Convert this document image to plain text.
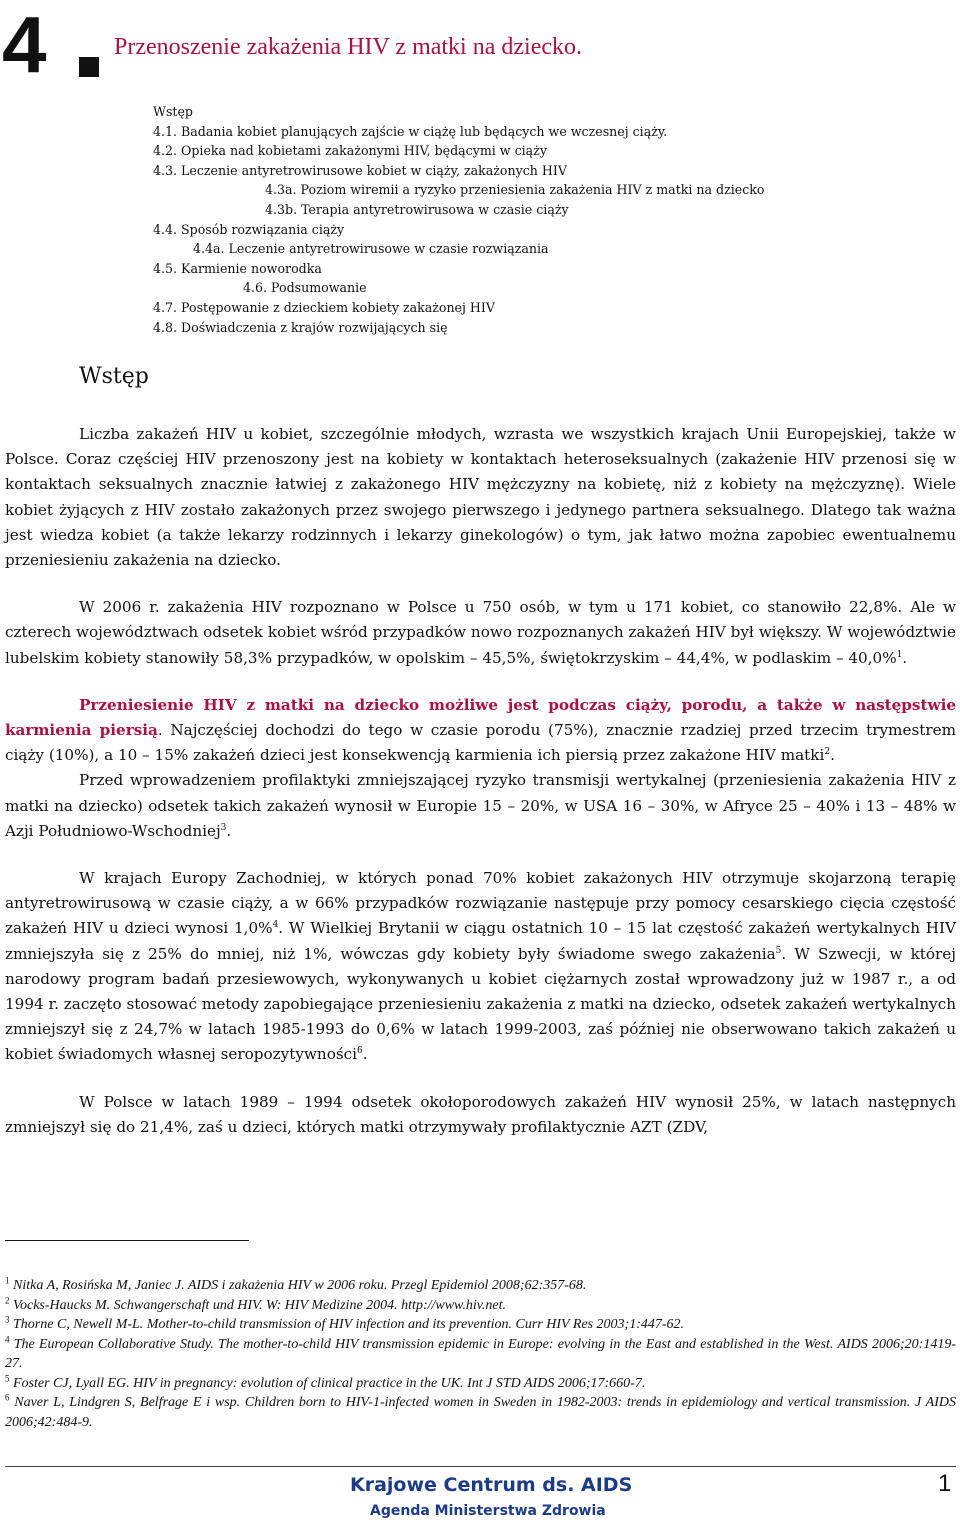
4	Przenoszenie zakażenia HIV z matki na dziecko.
Wstęp
4.1. Badania kobiet planujących zajście w ciążę lub będących we wczesnej ciąży.
4.2. Opieka nad kobietami zakażonymi HIV, będącymi w ciąży
4.3. Leczenie antyretrowirusowe kobiet w ciąży, zakażonych HIV
4.3a. Poziom wiremii a ryzyko przeniesienia zakażenia HIV z matki na dziecko
4.3b. Terapia antyretrowirusowa w czasie ciąży
4.4. Sposób rozwiązania ciąży
4.4a. Leczenie antyretrowirusowe w czasie rozwiązania
4.5. Karmienie noworodka
4.6. Podsumowanie
4.7. Postępowanie z dzieckiem kobiety zakażonej HIV
4.8. Doświadczenia z krajów rozwijających się
Wstęp

Liczba zakażeń HIV u kobiet, szczególnie młodych, wzrasta we wszystkich krajach Unii Europejskiej, także w Polsce. Coraz częściej HIV przenoszony jest na kobiety w kontaktach heteroseksualnych (zakażenie HIV przenosi się w kontaktach seksualnych znacznie łatwiej z zakażonego HIV mężczyzny na kobietę, niż z kobiety na mężczyznę). Wiele kobiet żyjących z HIV zostało zakażonych przez swojego pierwszego i jedynego partnera seksualnego. Dlatego tak ważna jest wiedza kobiet (a także lekarzy rodzinnych i lekarzy ginekologów) o tym, jak łatwo można zapobiec ewentualnemu przeniesieniu zakażenia na dziecko.

W 2006 r. zakażenia HIV rozpoznano w Polsce u 750 osób, w tym u 171 kobiet, co stanowiło 22,8%. Ale w czterech województwach odsetek kobiet wśród przypadków nowo rozpoznanych zakażeń HIV był większy. W województwie lubelskim kobiety stanowiły 58,3% przypadków, w opolskim – 45,5%, świętokrzyskim – 44,4%, w podlaskim – 40,0%$^1$.

Przeniesienie HIV z matki na dziecko możliwe jest podczas ciąży, porodu, a także w następstwie karmienia piersią. Najczęściej dochodzi do tego w czasie porodu (75%), znacznie rzadziej przed trzecim trymestrem ciąży (10%), a 10 – 15% zakażeń dzieci jest konsekwencją karmienia ich piersią przez zakażone HIV matki$^2$.

Przed wprowadzeniem profilaktyki zmniejszającej ryzyko transmisji wertykalnej (przeniesienia zakażenia HIV z matki na dziecko) odsetek takich zakażeń wynosił w Europie 15 – 20%, w USA 16 – 30%, w Afryce 25 – 40% i 13 – 48% w Azji Południowo-Wschodniej$^3$.

W krajach Europy Zachodniej, w których ponad 70% kobiet zakażonych HIV otrzymuje skojarzoną terapię antyretrowirusową w czasie ciąży, a w 66% przypadków rozwiązanie następuje przy pomocy cesarskiego cięcia częstość zakażeń HIV u dzieci wynosi 1,0%$^4$. W Wielkiej Brytanii w ciągu ostatnich 10 – 15 lat częstość zakażeń wertykalnych HIV zmniejszyła się z 25% do mniej, niż 1%, wówczas gdy kobiety były świadome swego zakażenia$^5$. W Szwecji, w której narodowy program badań przesiewowych, wykonywanych u kobiet ciężarnych został wprowadzony już w 1987 r., a od 1994 r. zaczęto stosować metody zapobiegające przeniesieniu zakażenia z matki na dziecko, odsetek zakażeń wertykalnych zmniejszył się z 24,7% w latach 1985-1993 do 0,6% w latach 1999-2003, zaś później nie obserwowano takich zakażeń u kobiet świadomych własnej seropozytywności$^6$.

W Polsce w latach 1989 – 1994 odsetek okołoporodowych zakażeń HIV wynosił 25%, w latach następnych zmniejszył się do 21,4%, zaś u dzieci, których matki otrzymywały profilaktycznie AZT (ZDV,

$^1$ Nitka A, Rosińska M, Janiec J. AIDS i zakażenia HIV w 2006 roku. Przegl Epidemiol 2008;62:357-68.
$^2$ Vocks-Haucks M. Schwangerschaft und HIV. W: HIV Medizine 2004. http://www.hiv.net.
$^3$ Thorne C, Newell M-L. Mother-to-child transmission of HIV infection and its prevention. Curr HIV Res 2003;1:447-62.
$^4$ The European Collaborative Study. The mother-to-child HIV transmission epidemic in Europe: evolving in the East and established in the West. AIDS 2006;20:1419-27.
$^5$ Foster CJ, Lyall EG. HIV in pregnancy: evolution of clinical practice in the UK. Int J STD AIDS 2006;17:660-7.
$^6$ Naver L, Lindgren S, Belfrage E i wsp. Children born to HIV-1-infected women in Sweden in 1982-2003: trends in epidemiology and vertical transmission. J AIDS 2006;42:484-9.
Krajowe Centrum ds. AIDS
Agenda Ministerstwa Zdrowia
1
